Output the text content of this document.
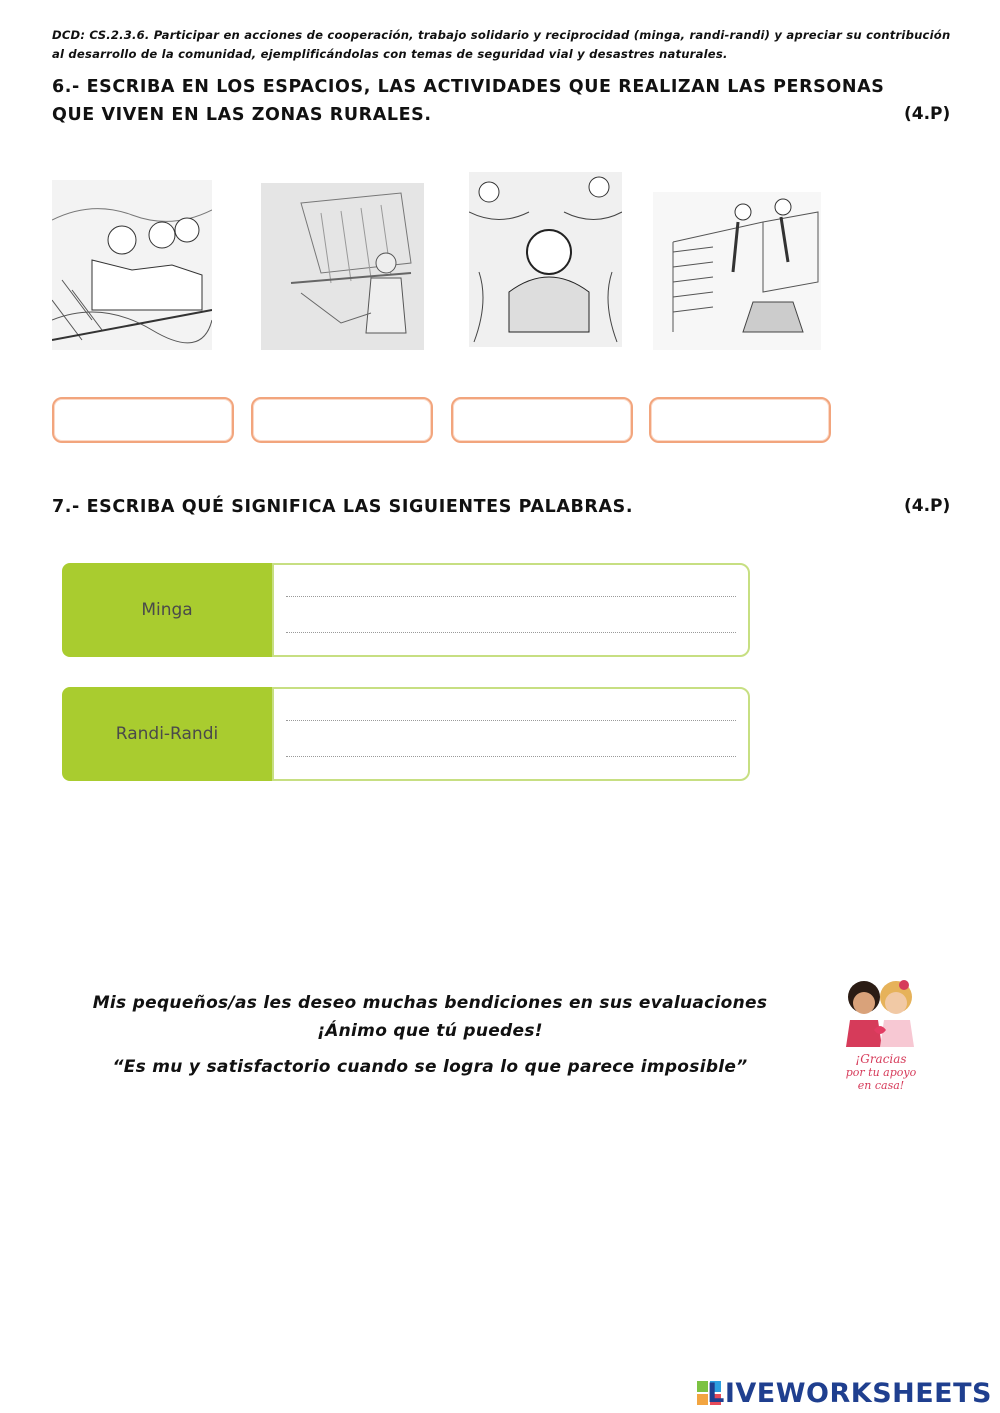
DCD: CS.2.3.6. Participar en acciones de cooperación, trabajo solidario y reciprocidad (minga, randi-randi) y apreciar su contribución al desarrollo de la comunidad, ejemplificándolas con temas de seguridad vial y desastres naturales.
6.- ESCRIBA EN LOS ESPACIOS, LAS ACTIVIDADES QUE REALIZAN LAS PERSONAS
QUE VIVEN EN LAS ZONAS RURALES.	(4.P)
7.- ESCRIBA QUÉ SIGNIFICA LAS SIGUIENTES PALABRAS.	(4.P)
Minga
Randi-Randi
Mis pequeños/as les deseo muchas bendiciones en sus evaluaciones
¡Ánimo que tú puedes!
“Es mu y satisfactorio cuando se logra lo que parece imposible”	¡Gracias
por tu apoyo
en casa!
LIVEWORKSHEETS
